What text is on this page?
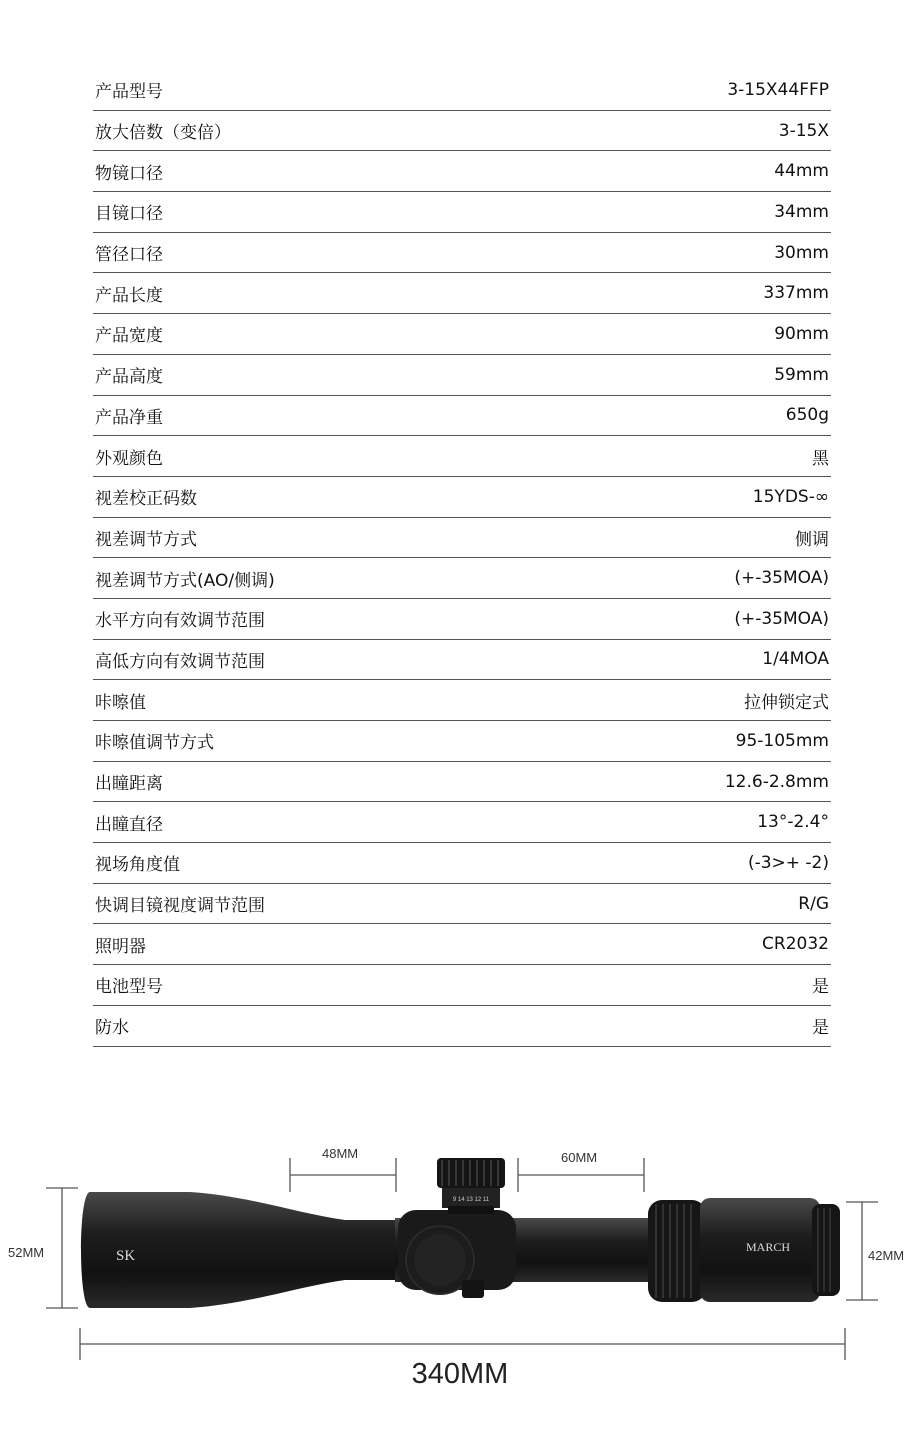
产品型号	3-15X44FFP
放大倍数（变倍）	3-15X
物镜口径	44mm
目镜口径	34mm
管径口径	30mm
产品长度	337mm
产品宽度	90mm
产品高度	59mm
产品净重	650g
外观颜色	黑
视差校正码数	15YDS-∞
视差调节方式	侧调
视差调节方式(AO/侧调)	(+-35MOA)
水平方向有效调节范围	(+-35MOA)
高低方向有效调节范围	1/4MOA
咔嚓值	拉伸锁定式
咔嚓值调节方式	95-105mm
出瞳距离	12.6-2.8mm
出瞳直径	13°-2.4°
视场角度值	(-3>+ -2)
快调目镜视度调节范围	R/G
照明器	CR2032
电池型号	是
防水	是
9 14 13 12 11
SK
MARCH
48MM	60MM
52MM	42MM
340MM
